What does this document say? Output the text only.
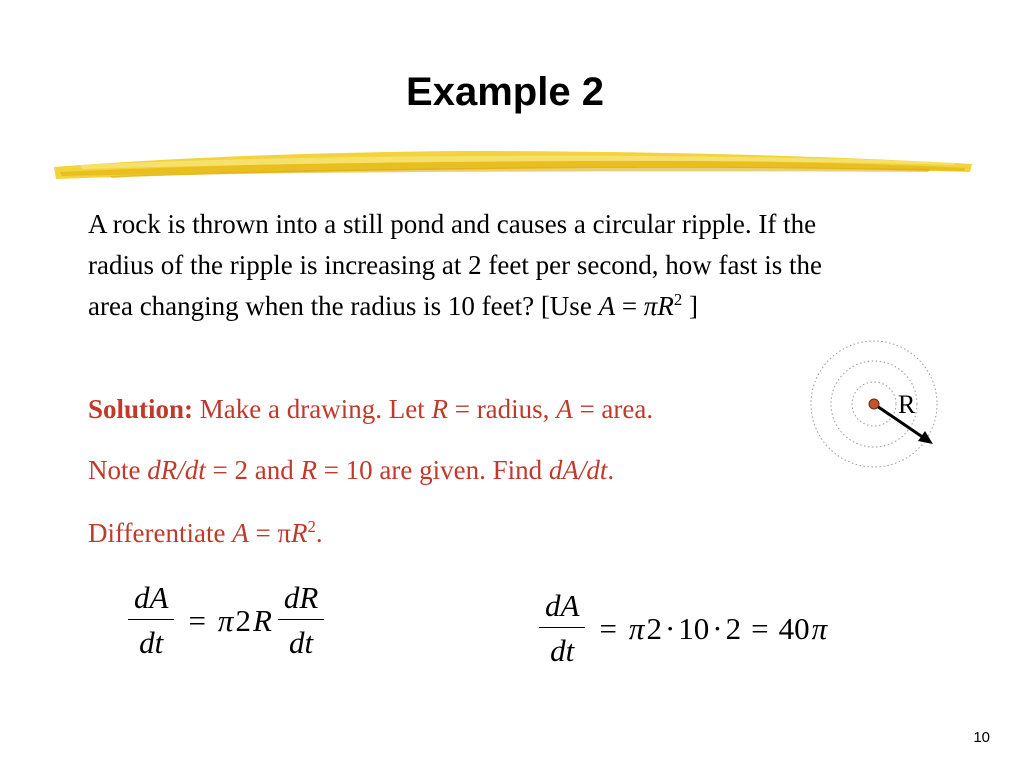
Example 2
A rock is thrown into a still pond and causes a circular ripple. If the radius of the ripple is increasing at 2 feet per second, how fast is the area changing when the radius is 10 feet? [Use $A = \pi R^2$ ]
Solution: Make a drawing. Let R = radius, A = area.
Note dR/dt = 2 and R = 10 are given. Find dA/dt.
Differentiate $A = \pi R^2$.
R
$\frac{dA}{dt} = \pi$ 2 R $\frac{dR}{dt}$	$\frac{dA}{dt} = \pi$ 2 · 10 · 2 = 40 π
10
